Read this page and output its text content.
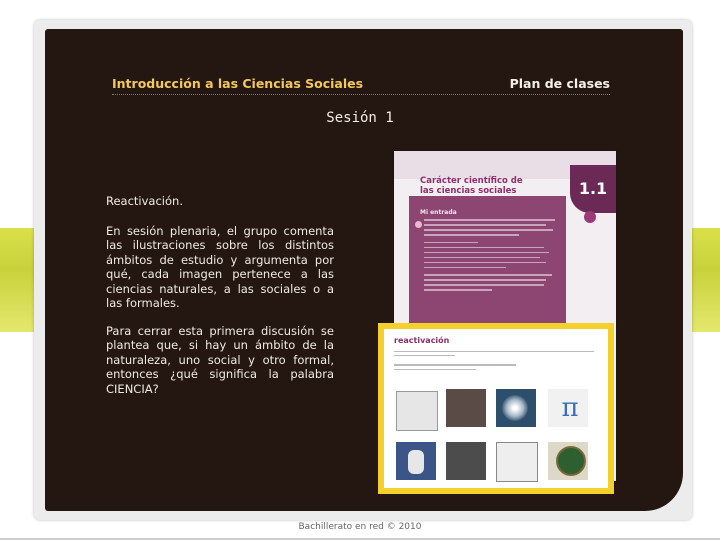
Introducción a las Ciencias Sociales	Plan de clases
Sesión 1
Reactivación.
En sesión plenaria, el grupo comenta las ilustraciones sobre los distintos ámbitos de estudio y argumenta por qué, cada imagen pertenece a las ciencias naturales, a las sociales o a las formales.
Para cerrar esta primera discusión se plantea que, si hay un ámbito de la naturaleza, uno social y otro formal, entonces ¿qué significa la palabra CIENCIA?
Carácter científico de las ciencias sociales	1.1
Mi entrada
reactivación
π
Bachillerato en red © 2010
